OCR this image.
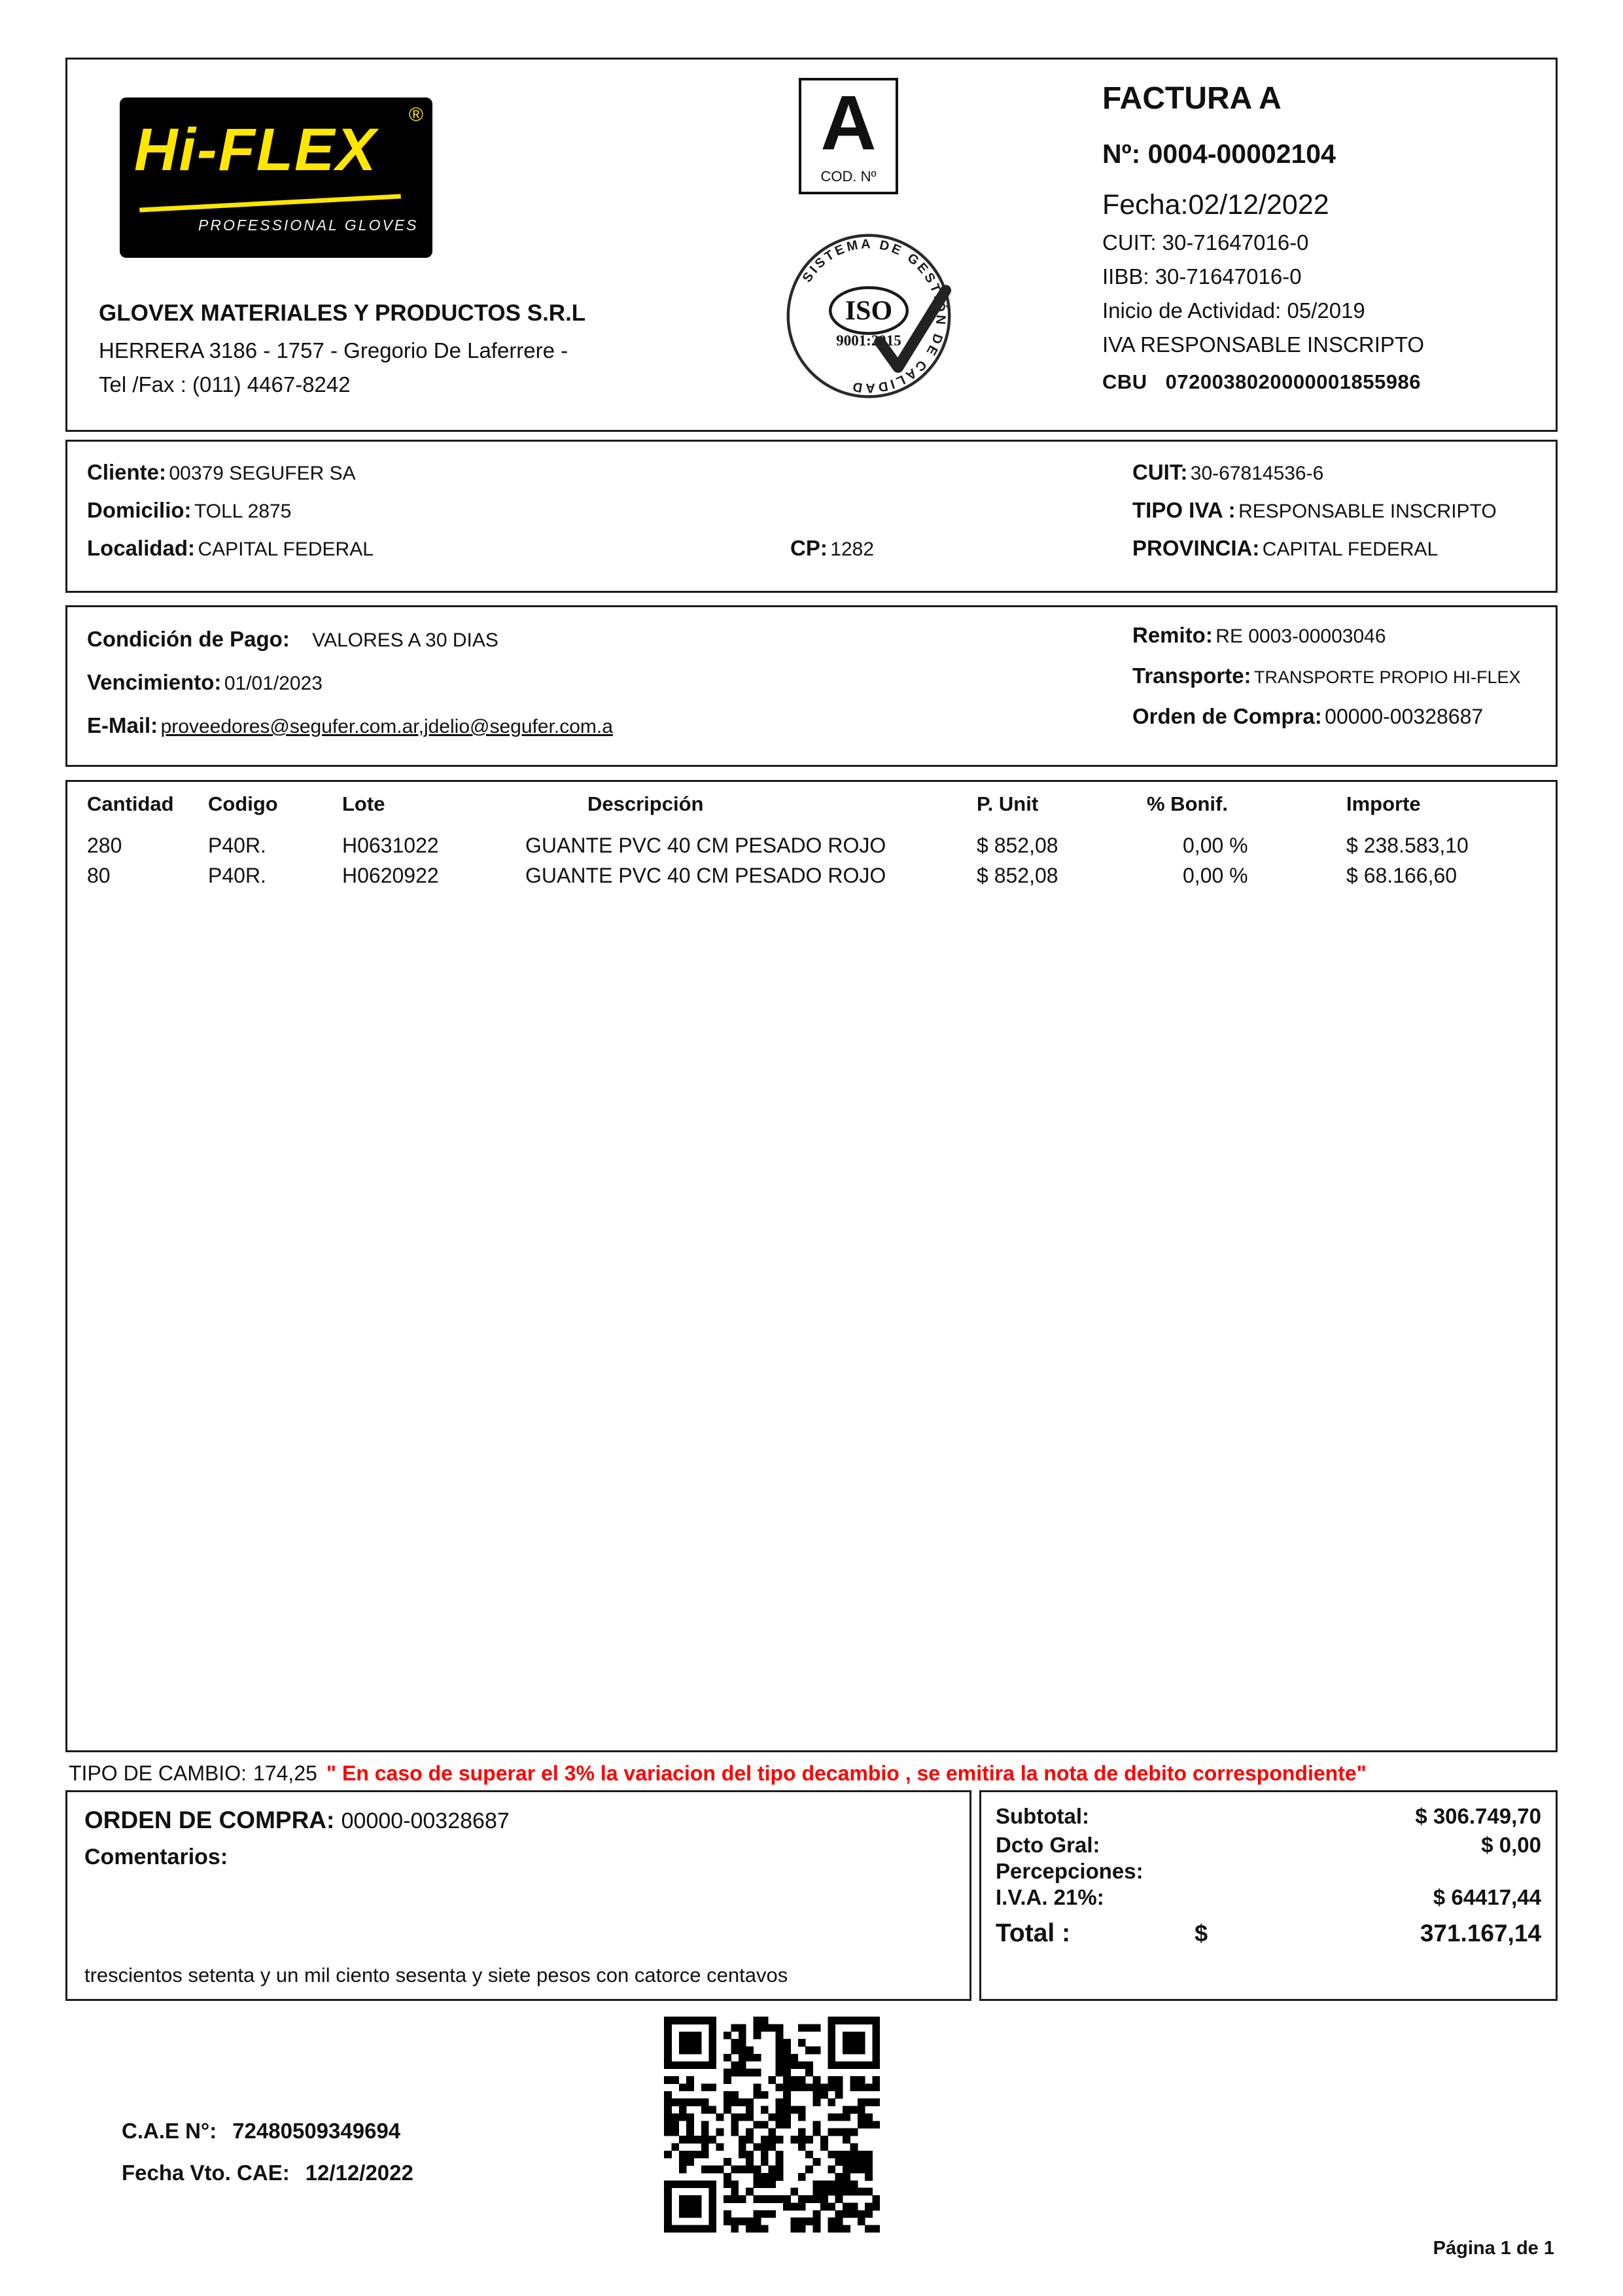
Hi-FLEX
®
PROFESSIONAL GLOVES
GLOVEX MATERIALES Y PRODUCTOS S.R.L
HERRERA 3186 - 1757 - Gregorio De Laferrere -
Tel /Fax : (011) 4467-8242
A
COD. Nº
SISTEMA DE GESTIÓN DE CALIDAD
ISO
9001:2015
FACTURA A
Nº: 0004-00002104
Fecha:02/12/2022
CUIT: 30-71647016-0
IIBB: 30-71647016-0
Inicio de Actividad: 05/2019
IVA RESPONSABLE INSCRIPTO
CBU 0720038020000001855986
Cliente: 00379 SEGUFER SA
Domicilio: TOLL 2875
Localidad: CAPITAL FEDERAL	CP: 1282
CUIT: 30-67814536-6
TIPO IVA : RESPONSABLE INSCRIPTO
PROVINCIA: CAPITAL FEDERAL
Condición de Pago: VALORES A 30 DIAS
Vencimiento: 01/01/2023
E-Mail: proveedores@segufer.com.ar,jdelio@segufer.com.a
Remito: RE 0003-00003046
Transporte: TRANSPORTE PROPIO HI-FLEX
Orden de Compra: 00000-00328687
Cantidad	Codigo	Lote	Descripción	P. Unit	% Bonif.	Importe
280	P40R.	H0631022	GUANTE PVC 40 CM PESADO ROJO	$ 852,08	0,00 %	$ 238.583,10
80	P40R.	H0620922	GUANTE PVC 40 CM PESADO ROJO	$ 852,08	0,00 %	$ 68.166,60
TIPO DE CAMBIO: 174,25 " En caso de superar el 3% la variacion del tipo decambio , se emitira la nota de debito correspondiente"
ORDEN DE COMPRA: 00000-00328687
Comentarios:
trescientos setenta y un mil ciento sesenta y siete pesos con catorce centavos
Subtotal:	$ 306.749,70
Dcto Gral:	$ 0,00
Percepciones:
I.V.A. 21%:	$ 64417,44
Total :	$	371.167,14
C.A.E N°: 72480509349694
Fecha Vto. CAE: 12/12/2022
Página 1 de 1
